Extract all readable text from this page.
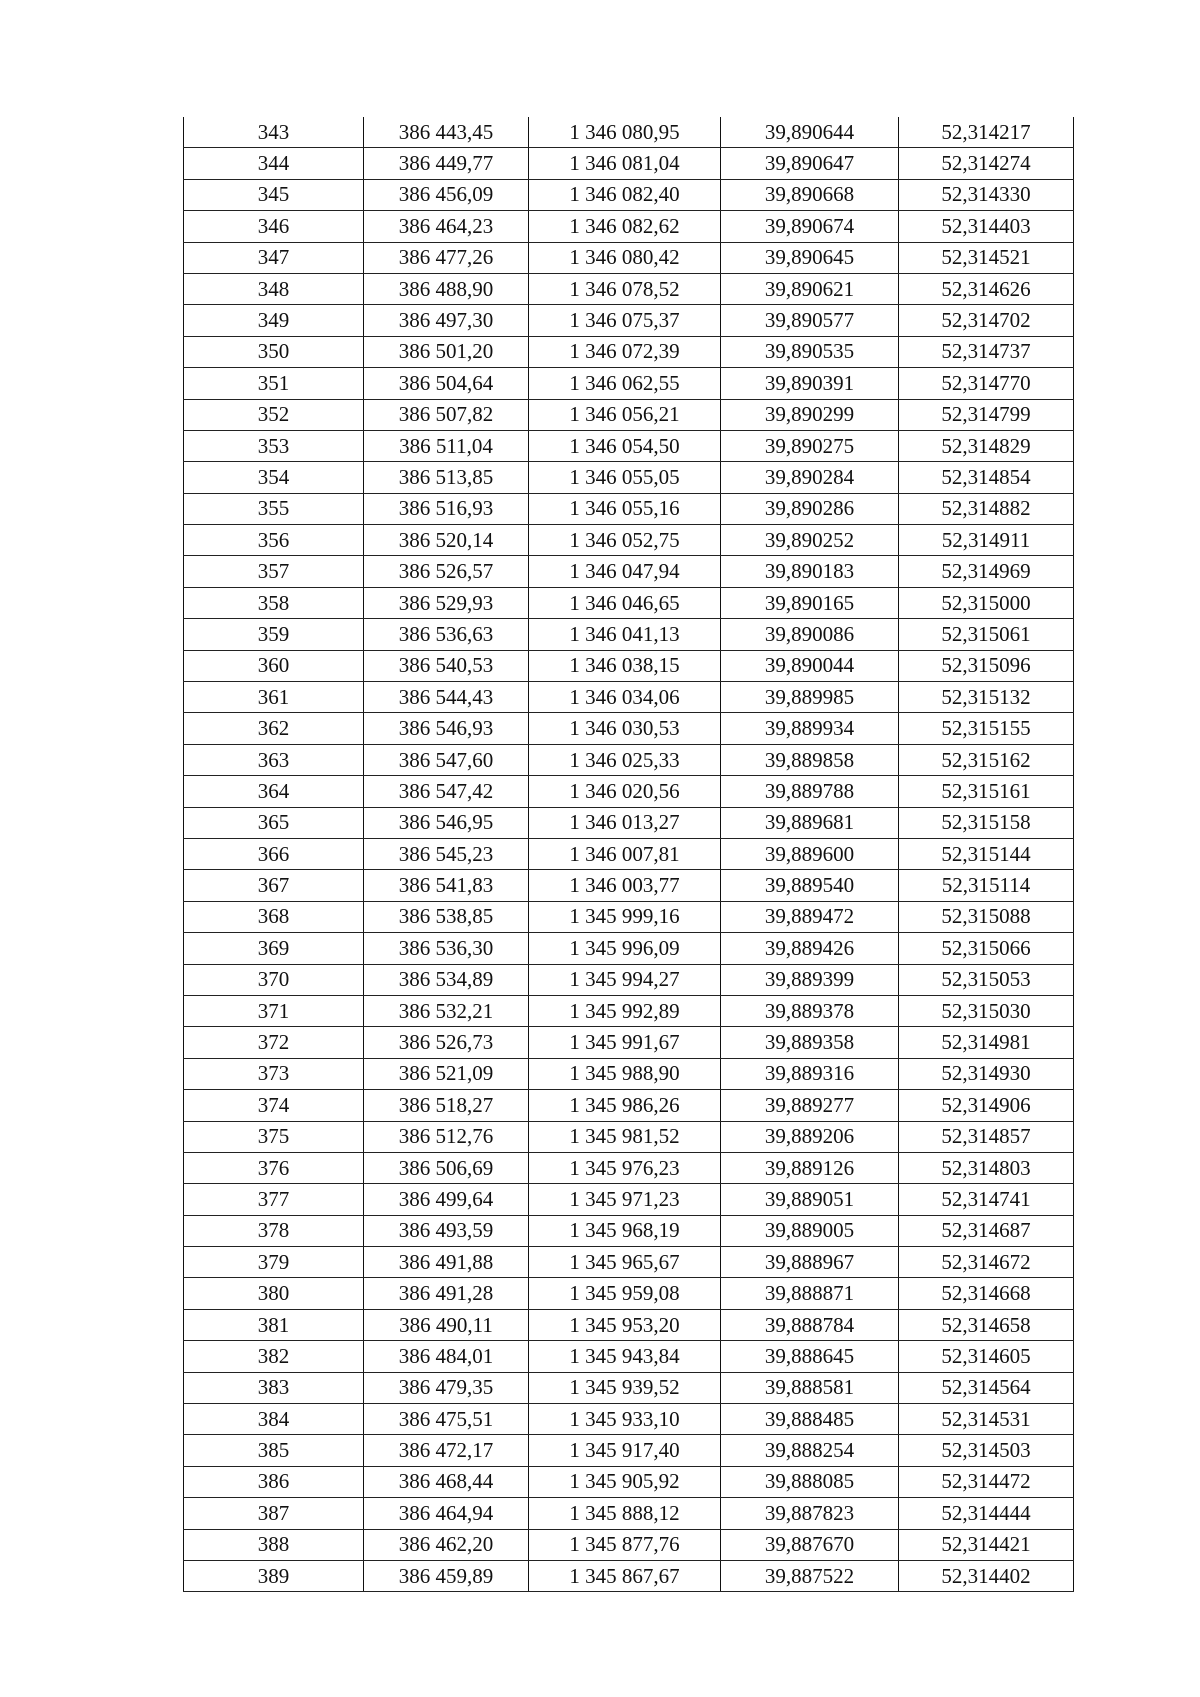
343	386 443,45	1 346 080,95	39,890644	52,314217
344	386 449,77	1 346 081,04	39,890647	52,314274
345	386 456,09	1 346 082,40	39,890668	52,314330
346	386 464,23	1 346 082,62	39,890674	52,314403
347	386 477,26	1 346 080,42	39,890645	52,314521
348	386 488,90	1 346 078,52	39,890621	52,314626
349	386 497,30	1 346 075,37	39,890577	52,314702
350	386 501,20	1 346 072,39	39,890535	52,314737
351	386 504,64	1 346 062,55	39,890391	52,314770
352	386 507,82	1 346 056,21	39,890299	52,314799
353	386 511,04	1 346 054,50	39,890275	52,314829
354	386 513,85	1 346 055,05	39,890284	52,314854
355	386 516,93	1 346 055,16	39,890286	52,314882
356	386 520,14	1 346 052,75	39,890252	52,314911
357	386 526,57	1 346 047,94	39,890183	52,314969
358	386 529,93	1 346 046,65	39,890165	52,315000
359	386 536,63	1 346 041,13	39,890086	52,315061
360	386 540,53	1 346 038,15	39,890044	52,315096
361	386 544,43	1 346 034,06	39,889985	52,315132
362	386 546,93	1 346 030,53	39,889934	52,315155
363	386 547,60	1 346 025,33	39,889858	52,315162
364	386 547,42	1 346 020,56	39,889788	52,315161
365	386 546,95	1 346 013,27	39,889681	52,315158
366	386 545,23	1 346 007,81	39,889600	52,315144
367	386 541,83	1 346 003,77	39,889540	52,315114
368	386 538,85	1 345 999,16	39,889472	52,315088
369	386 536,30	1 345 996,09	39,889426	52,315066
370	386 534,89	1 345 994,27	39,889399	52,315053
371	386 532,21	1 345 992,89	39,889378	52,315030
372	386 526,73	1 345 991,67	39,889358	52,314981
373	386 521,09	1 345 988,90	39,889316	52,314930
374	386 518,27	1 345 986,26	39,889277	52,314906
375	386 512,76	1 345 981,52	39,889206	52,314857
376	386 506,69	1 345 976,23	39,889126	52,314803
377	386 499,64	1 345 971,23	39,889051	52,314741
378	386 493,59	1 345 968,19	39,889005	52,314687
379	386 491,88	1 345 965,67	39,888967	52,314672
380	386 491,28	1 345 959,08	39,888871	52,314668
381	386 490,11	1 345 953,20	39,888784	52,314658
382	386 484,01	1 345 943,84	39,888645	52,314605
383	386 479,35	1 345 939,52	39,888581	52,314564
384	386 475,51	1 345 933,10	39,888485	52,314531
385	386 472,17	1 345 917,40	39,888254	52,314503
386	386 468,44	1 345 905,92	39,888085	52,314472
387	386 464,94	1 345 888,12	39,887823	52,314444
388	386 462,20	1 345 877,76	39,887670	52,314421
389	386 459,89	1 345 867,67	39,887522	52,314402
